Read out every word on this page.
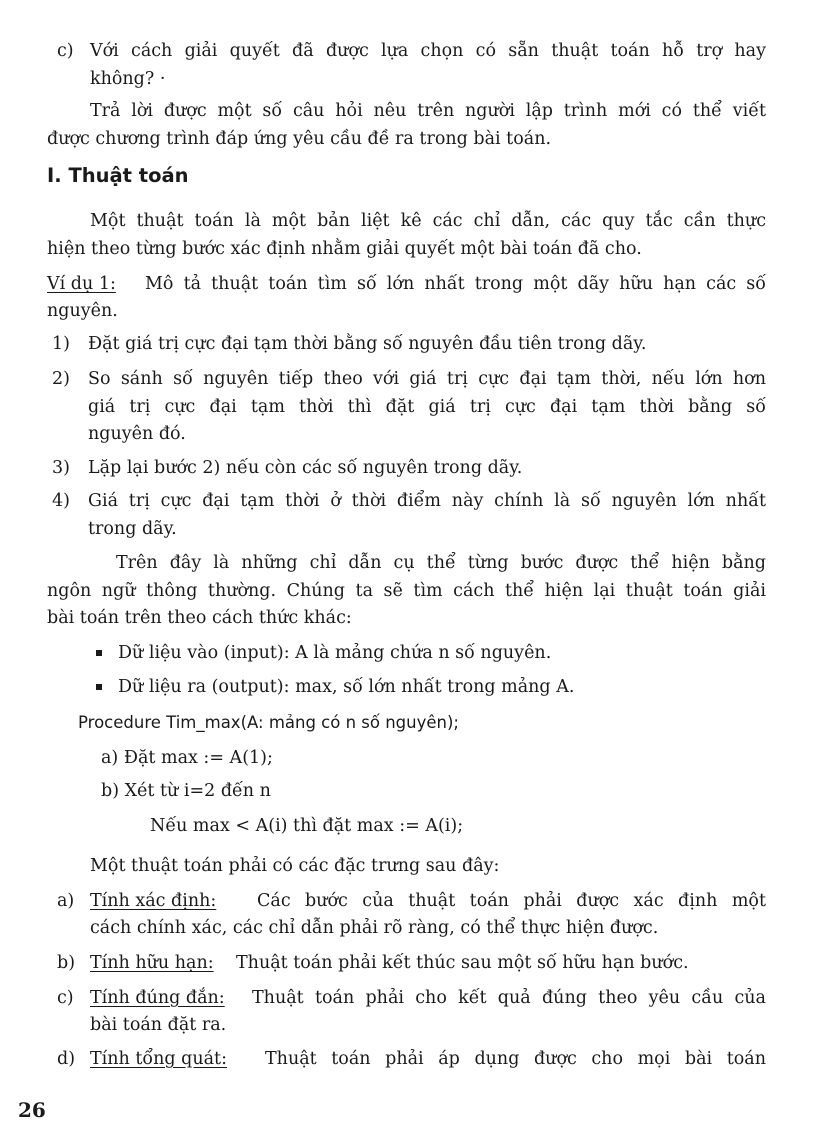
c) Với cách giải quyết đã được lựa chọn có sẵn thuật toán hỗ trợ hay
không? ·
Trả lời được một số câu hỏi nêu trên người lập trình mới có thể viết
được chương trình đáp ứng yêu cầu đề ra trong bài toán.
I. Thuật toán
Một thuật toán là một bản liệt kê các chỉ dẫn, các quy tắc cần thực
hiện theo từng bước xác định nhằm giải quyết một bài toán đã cho.
Ví dụ 1: Mô tả thuật toán tìm số lớn nhất trong một dãy hữu hạn các số
nguyên.
1) Đặt giá trị cực đại tạm thời bằng số nguyên đầu tiên trong dãy.
2) So sánh số nguyên tiếp theo với giá trị cực đại tạm thời, nếu lớn hơn
giá trị cực đại tạm thời thì đặt giá trị cực đại tạm thời bằng số
nguyên đó.
3) Lặp lại bước 2) nếu còn các số nguyên trong dãy.
4) Giá trị cực đại tạm thời ở thời điểm này chính là số nguyên lớn nhất
trong dãy.
Trên đây là những chỉ dẫn cụ thể từng bước được thể hiện bằng
ngôn ngữ thông thường. Chúng ta sẽ tìm cách thể hiện lại thuật toán giải
bài toán trên theo cách thức khác:
Dữ liệu vào (input): A là mảng chứa n số nguyên.
Dữ liệu ra (output): max, số lớn nhất trong mảng A.
Procedure Tim_max(A: mảng có n số nguyên);
a) Đặt max := A(1);
b) Xét từ i=2 đến n
Nếu max < A(i) thì đặt max := A(i);
Một thuật toán phải có các đặc trưng sau đây:
a) Tính xác định: Các bước của thuật toán phải được xác định một
cách chính xác, các chỉ dẫn phải rõ ràng, có thể thực hiện được.
b) Tính hữu hạn: Thuật toán phải kết thúc sau một số hữu hạn bước.
c) Tính đúng đắn: Thuật toán phải cho kết quả đúng theo yêu cầu của
bài toán đặt ra.
d) Tính tổng quát: Thuật toán phải áp dụng được cho mọi bài toán
26
